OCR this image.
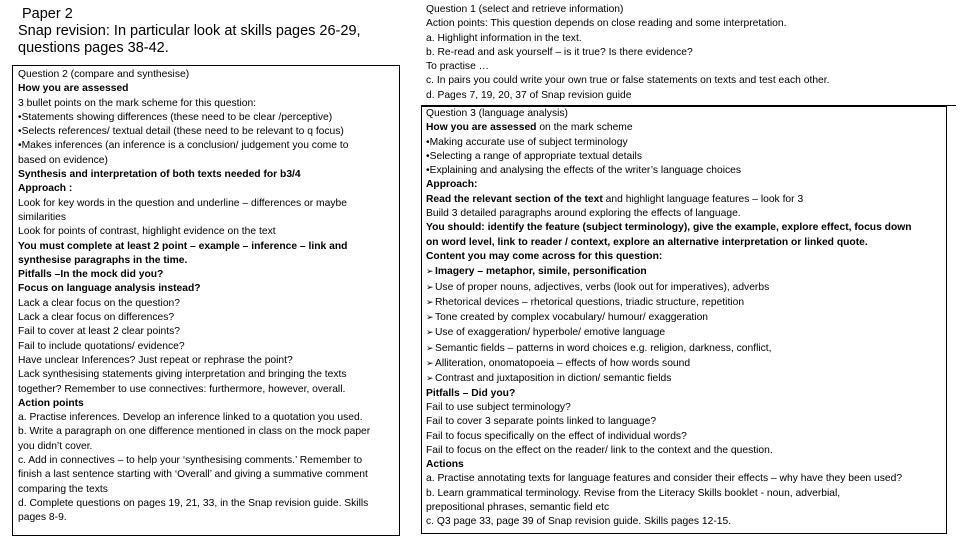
Paper 2
Snap revision: In particular look at skills pages 26-29,
questions pages 38-42.
Question 2 (compare and synthesise)
How you are assessed
3 bullet points on the mark scheme for this question:
•Statements showing differences (these need to be clear /perceptive)
•Selects references/ textual detail (these need to be relevant to q focus)
•Makes inferences (an inference is a conclusion/ judgement you come to
based on evidence)
Synthesis and interpretation of both texts needed for b3/4
Approach :
Look for key words in the question and underline – differences or maybe
similarities
Look for points of contrast, highlight evidence on the text
You must complete at least 2 point – example – inference – link and
synthesise paragraphs in the time.
Pitfalls –In the mock did you?
Focus on language analysis instead?
Lack a clear focus on the question?
Lack a clear focus on differences?
Fail to cover at least 2 clear points?
Fail to include quotations/ evidence?
Have unclear Inferences? Just repeat or rephrase the point?
Lack synthesising statements giving interpretation and bringing the texts
together? Remember to use connectives: furthermore, however, overall.
Action points
a. Practise inferences. Develop an inference linked to a quotation you used.
b. Write a paragraph on one difference mentioned in class on the mock paper
you didn’t cover.
c. Add in connectives – to help your ‘synthesising comments.’ Remember to
finish a last sentence starting with ‘Overall’ and giving a summative comment
comparing the texts
d. Complete questions on pages 19, 21, 33, in the Snap revision guide. Skills
pages 8-9.
Question 1 (select and retrieve information)
Action points: This question depends on close reading and some interpretation.
a. Highlight information in the text.
b. Re-read and ask yourself – is it true? Is there evidence?
To practise …
c. In pairs you could write your own true or false statements on texts and test each other.
d. Pages 7, 19, 20, 37 of Snap revision guide
Question 3 (language analysis)
How you are assessed on the mark scheme
•Making accurate use of subject terminology
•Selecting a range of appropriate textual details
•Explaining and analysing the effects of the writer’s language choices
Approach:
Read the relevant section of the text and highlight language features – look for 3
Build 3 detailed paragraphs around exploring the effects of language.
You should: identify the feature (subject terminology), give the example, explore effect, focus down
on word level, link to reader / context, explore an alternative interpretation or linked quote.
Content you may come across for this question:
➢Imagery – metaphor, simile, personification
➢Use of proper nouns, adjectives, verbs (look out for imperatives), adverbs
➢Rhetorical devices – rhetorical questions, triadic structure, repetition
➢Tone created by complex vocabulary/ humour/ exaggeration
➢Use of exaggeration/ hyperbole/ emotive language
➢Semantic fields – patterns in word choices e.g. religion, darkness, conflict,
➢Alliteration, onomatopoeia – effects of how words sound
➢Contrast and juxtaposition in diction/ semantic fields
Pitfalls – Did you?
Fail to use subject terminology?
Fail to cover 3 separate points linked to language?
Fail to focus specifically on the effect of individual words?
Fail to focus on the effect on the reader/ link to the context and the question.
Actions
a. Practise annotating texts for language features and consider their effects – why have they been used?
b. Learn grammatical terminology. Revise from the Literacy Skills booklet - noun, adverbial,
prepositional phrases, semantic field etc
c. Q3 page 33, page 39 of Snap revision guide. Skills pages 12-15.
